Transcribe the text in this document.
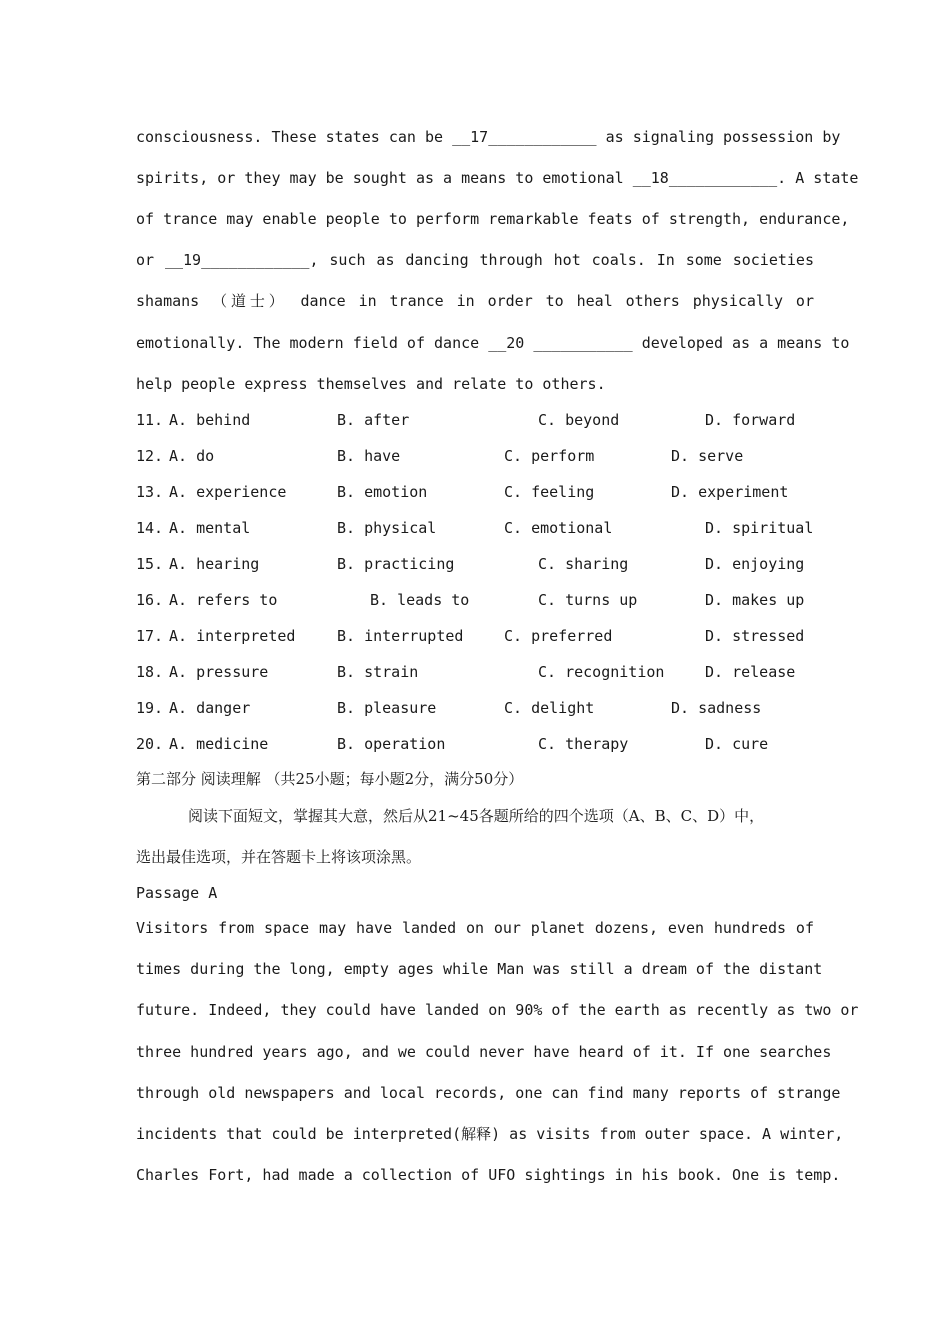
consciousness. These states can be __17____________ as signaling possession by
spirits, or they may be sought as a means to emotional __18____________. A state
of trance may enable people to perform remarkable feats of strength, endurance,
or __19____________, such as dancing through hot coals. In some societies
shamans （道士） dance in trance in order to heal others physically or
emotionally. The modern field of dance __20 ___________ developed as a means to
help people express themselves and relate to others.
11. A. behind	B. after	C. beyond	D. forward
12. A. do	B. have	C. perform	D. serve
13. A. experience	B. emotion	C. feeling	D. experiment
14. A. mental	B. physical	C. emotional	D. spiritual
15. A. hearing	B. practicing	C. sharing	D. enjoying
16. A. refers to	B. leads to	C. turns up	D. makes up
17. A. interpreted	B. interrupted	C. preferred	D. stressed
18. A. pressure	B. strain	C. recognition	D. release
19. A. danger	B. pleasure	C. delight	D. sadness
20. A. medicine	B. operation	C. therapy	D. cure
第二部分 阅读理解 （共25小题；每小题2分，满分50分）
阅读下面短文，掌握其大意，然后从21~45各题所给的四个选项（A、B、C、D）中，
选出最佳选项，并在答题卡上将该项涂黑。
Passage A
Visitors from space may have landed on our planet dozens, even hundreds of
times during the long, empty ages while Man was still a dream of the distant
future. Indeed, they could have landed on 90% of the earth as recently as two or
three hundred years ago, and we could never have heard of it. If one searches
through old newspapers and local records, one can find many reports of strange
incidents that could be interpreted(解释) as visits from outer space. A winter,
Charles Fort, had made a collection of UFO sightings in his book. One is temp.
